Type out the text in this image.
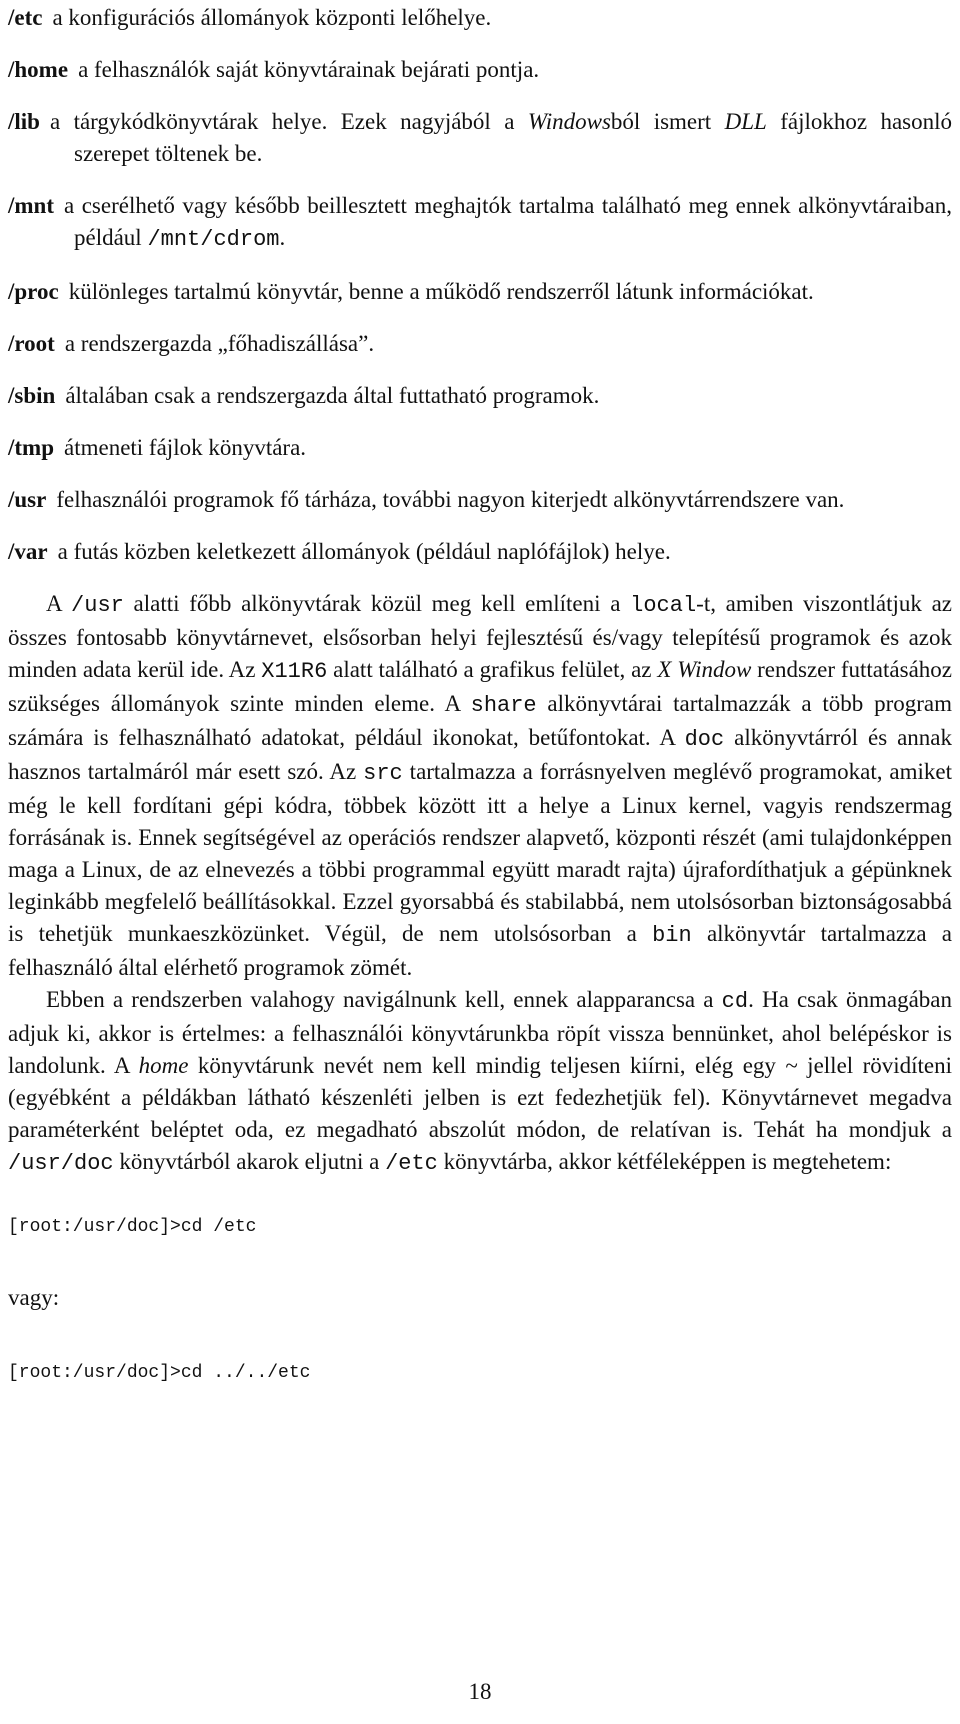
/etc a konfigurációs állományok központi lelőhelye.

/home a felhasználók saját könyvtárainak bejárati pontja.

/lib a tárgykódkönyvtárak helye. Ezek nagyjából a Windowsból ismert DLL fájlokhoz hasonló szerepet töltenek be.

/mnt a cserélhető vagy később beillesztett meghajtók tartalma található meg ennek alkönyvtáraiban, például /mnt/cdrom.

/proc különleges tartalmú könyvtár, benne a működő rendszerről látunk információkat.

/root a rendszergazda „főhadiszállása”.

/sbin általában csak a rendszergazda által futtatható programok.

/tmp átmeneti fájlok könyvtára.

/usr felhasználói programok fő tárháza, további nagyon kiterjedt alkönyvtárrendszere van.

/var a futás közben keletkezett állományok (például naplófájlok) helye.

A /usr alatti főbb alkönyvtárak közül meg kell említeni a local-t, amiben viszontlátjuk az összes fontosabb könyvtárnevet, elsősorban helyi fejlesztésű és/vagy telepítésű programok és azok minden adata kerül ide. Az X11R6 alatt található a grafikus felület, az X Window rendszer futtatásához szükséges állományok szinte minden eleme. A share alkönyvtárai tartalmazzák a több program számára is felhasználható adatokat, például ikonokat, betűfontokat. A doc alkönyvtárról és annak hasznos tartalmáról már esett szó. Az src tartalmazza a forrásnyelven meglévő programokat, amiket még le kell fordítani gépi kódra, többek között itt a helye a Linux kernel, vagyis rendszermag forrásának is. Ennek segítségével az operációs rendszer alapvető, központi részét (ami tulajdonképpen maga a Linux, de az elnevezés a többi programmal együtt maradt rajta) újrafordíthatjuk a gépünknek leginkább megfelelő beállításokkal. Ezzel gyorsabbá és stabilabbá, nem utolsósorban biztonságosabbá is tehetjük munkaeszközünket. Végül, de nem utolsósorban a bin alkönyvtár tartalmazza a felhasználó által elérhető programok zömét.

Ebben a rendszerben valahogy navigálnunk kell, ennek alapparancsa a cd. Ha csak önmagában adjuk ki, akkor is értelmes: a felhasználói könyvtárunkba röpít vissza bennünket, ahol belépéskor is landolunk. A home könyvtárunk nevét nem kell mindig teljesen kiírni, elég egy ~ jellel rövidíteni (egyébként a példákban látható készenléti jelben is ezt fedezhetjük fel). Könyvtárnevet megadva paraméterként beléptet oda, ez megadható abszolút módon, de relatívan is. Tehát ha mondjuk a /usr/doc könyvtárból akarok eljutni a /etc könyvtárba, akkor kétféleképpen is megtehetem:

[root:/usr/doc]>cd /etc

vagy:

[root:/usr/doc]>cd ../../etc

18
